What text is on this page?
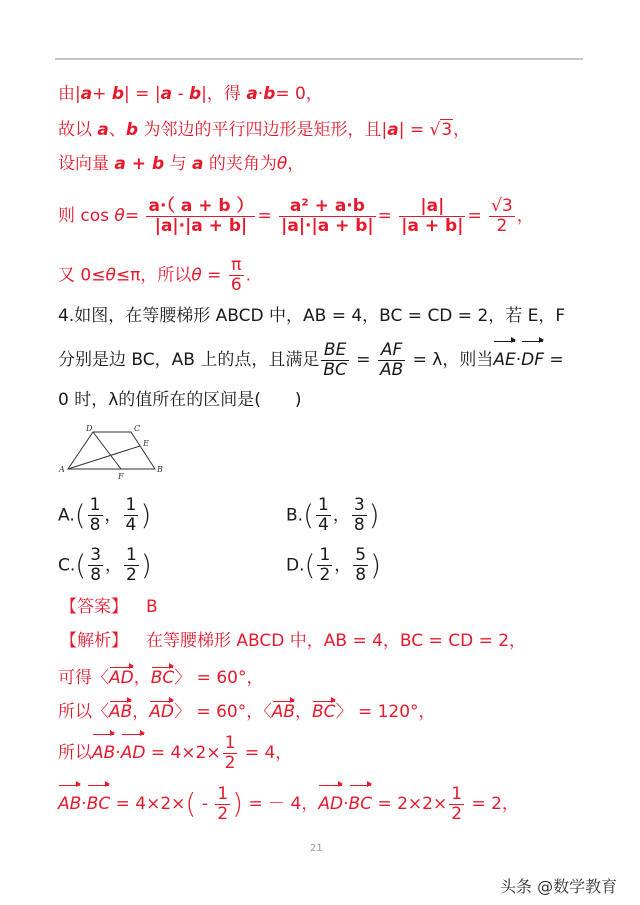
由|a+ b| = |a - b|，得 a·b= 0，
故以 a、b 为邻边的平行四边形是矩形，且|a| = √3，
设向量 a + b 与 a 的夹角为θ，
则 $\cos \theta= \frac{a\cdot( a + b )}{|a|\cdot|a + b|} = \frac{\text{a² + a·b}}{|a|\cdot|a + b|} = \frac{|a|}{|a + b|} = \frac{√3}{2}$ ，
又 0≤θ≤π，所以$\theta = \frac{\pi}{6}$ .
4.如图，在等腰梯形 ABCD 中，AB = 4，BC = CD = 2，若 E，F
分别是边 BC，AB 上的点，且满足 $\frac{BE}{BC} = \frac{AF}{AB} = \lambda$，则当AE·DF =
0 时，λ的值所在的区间是(　　)
A	B
C
D
E
F
$A.( \frac{1}{8}$ ， $\frac{1}{4}$ )	$B.( \frac{1}{4}$ ， $\frac{3}{8}$ )
$C.( \frac{3}{8}$ ， $\frac{1}{2}$ )	$D.( \frac{1}{2}$ ， $\frac{5}{8}$ )
【答案】 B
【解析】 在等腰梯形 ABCD 中，AB = 4，BC = CD = 2，
可得〈AD，BC〉 = 60°，
所以〈AB，AD〉 = 60°，〈AB，BC〉 = 120°，
所以$AB\cdot AD = 4\times 2\times \frac{1}{2} = 4$，
$AB\cdot BC = 4\times 2\times( - \frac{1}{2}$ ) = － 4，$AD\cdot BC = 2\times 2\times \frac{1}{2} = 2$，
21
头条 @数学教育
